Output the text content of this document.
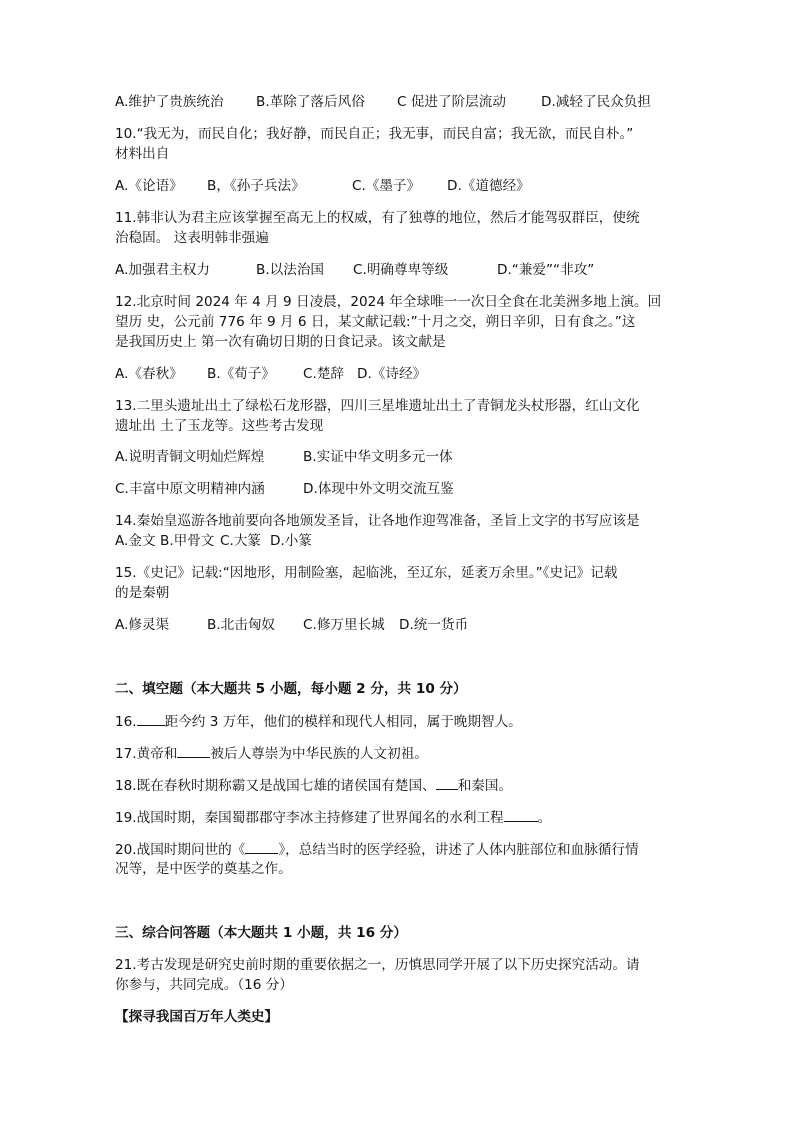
A.维护了贵族统治 B.革除了落后风俗 C 促进了阶层流动	D.减轻了民众负担
10.“我无为，而民自化；我好静，而民自正；我无事，而民自富；我无欲，而民自朴。”
材料出自
A.《论语》 B，《孙子兵法》	C.《墨子》 D.《道德经》
11.韩非认为君主应该掌握至高无上的权威，有了独尊的地位，然后才能驾驭群臣，使统
治稳固。 这表明韩非强遍
A.加强君主权力	B.以法治国 C.明确尊卑等级	D.“兼爱”“非攻”
12.北京时间 2024 年 4 月 9 日凌晨，2024 年全球唯一一次日全食在北美洲多地上演。回
望历 史，公元前 776 年 9 月 6 日，某文献记载:”十月之交，朔日辛卯，日有食之。”这
是我国历史上 第一次有确切日期的日食记录。该文献是
A.《春秋》 B.《荀子》 C.楚辞 D.《诗经》
13.二里头遗址出土了绿松石龙形器，四川三星堆遗址出土了青铜龙头杖形器，红山文化
遗址出 土了玉龙等。这些考古发现
A.说明青铜文明灿烂辉煌	B.实证中华文明多元一体
C.丰富中原文明精神内涵	D.体现中外文明交流互鉴
14.秦始皇巡游各地前要向各地颁发圣旨，让各地作迎驾准备，圣旨上文字的书写应该是
A.金文 B.甲骨文 C.大篆 D.小篆
15.《史记》记载:“因地形，用制险塞，起临洮，至辽东，延袤万余里。”《史记》记载
的是秦朝
A.修灵渠	B.北击匈奴 C.修万里长城 D.统一货币
二、填空题（本大题共 5 小题，每小题 2 分，共 10 分）
16. 距今约 3 万年，他们的模样和现代人相同，属于晚期智人。
17.黄帝和 被后人尊崇为中华民族的人文初祖。
18.既在春秋时期称霸又是战国七雄的诸侯国有楚国、 和秦国。
19.战国时期，秦国蜀郡郡守李冰主持修建了世界闻名的水利工程	。
20.战国时期问世的《 》，总结当时的医学经验，讲述了人体内脏部位和血脉循行情
况等，是中医学的奠基之作。
三、综合问答题（本大题共 1 小题，共 16 分）
21.考古发现是研究史前时期的重要依据之一，历慎思同学开展了以下历史探究活动。请
你参与，共同完成。（16 分）
【探寻我国百万年人类史】
